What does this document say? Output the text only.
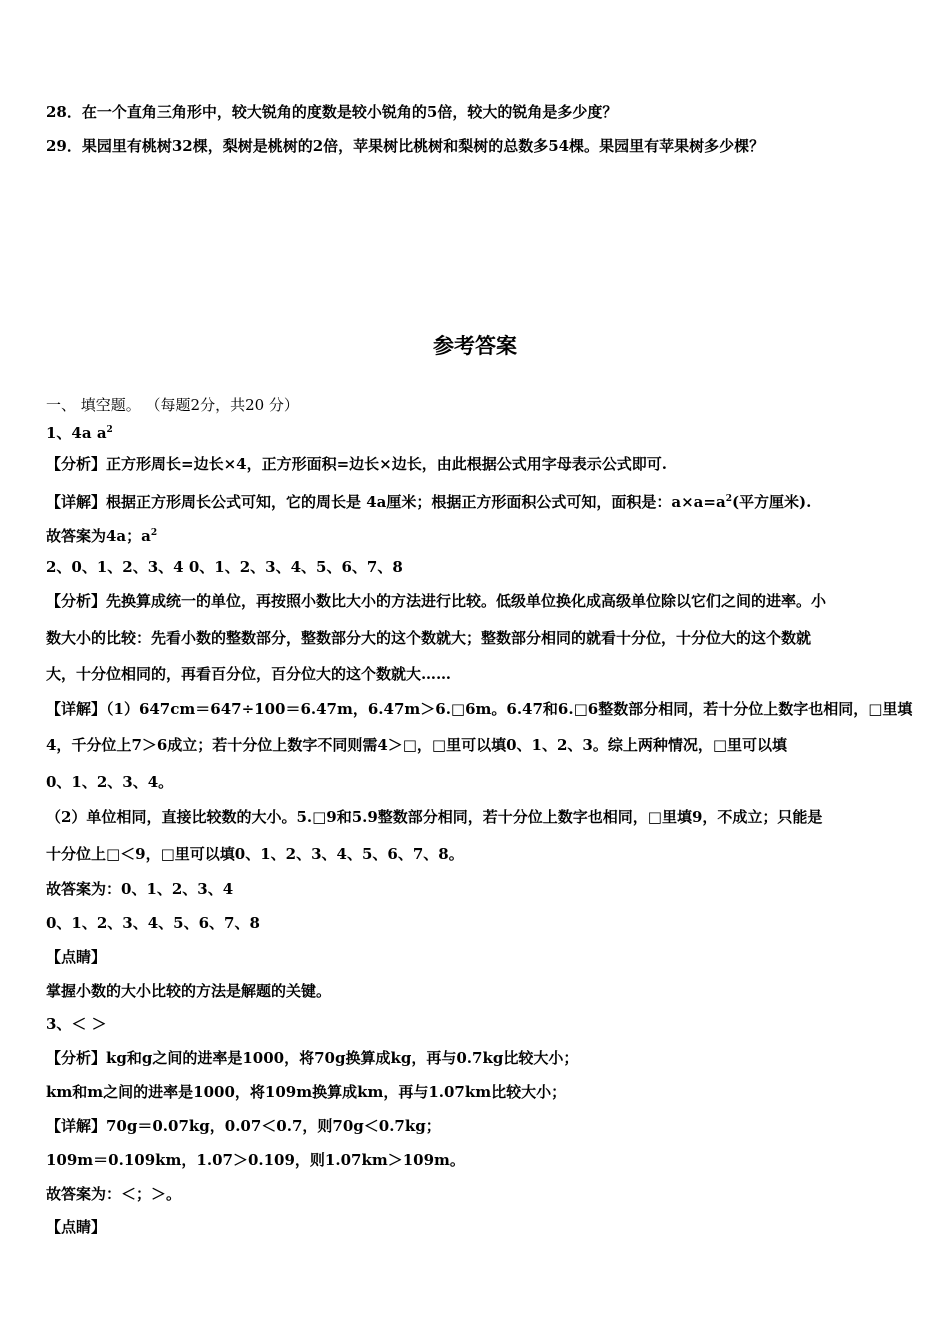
28．在一个直角三角形中，较大锐角的度数是较小锐角的5倍，较大的锐角是多少度？
29．果园里有桃树32棵，梨树是桃树的2倍，苹果树比桃树和梨树的总数多54棵。果园里有苹果树多少棵？
参考答案
一、 填空题。 （每题2分，共20 分）
1、4a $a^2$
【分析】正方形周长=边长×4，正方形面积=边长×边长，由此根据公式用字母表示公式即可.
【详解】根据正方形周长公式可知，它的周长是 4a厘米；根据正方形面积公式可知，面积是：$a\times a=a^2$(平方厘米).
故答案为4a；$a^2$
2、0、1、2、3、4 0、1、2、3、4、5、6、7、8
【分析】先换算成统一的单位，再按照小数比大小的方法进行比较。低级单位换化成高级单位除以它们之间的进率。小
数大小的比较：先看小数的整数部分，整数部分大的这个数就大；整数部分相同的就看十分位，十分位大的这个数就
大，十分位相同的，再看百分位，百分位大的这个数就大……
【详解】（1）647cm＝647÷100＝6.47m，6.47m＞6.□6m。6.47和6.□6整数部分相同，若十分位上数字也相同，□里填
4，千分位上7＞6成立；若十分位上数字不同则需4＞□，□里可以填0、1、2、3。综上两种情况，□里可以填
0、1、2、3、4。
（2）单位相同，直接比较数的大小。5.□9和5.9整数部分相同，若十分位上数字也相同，□里填9，不成立；只能是
十分位上□＜9，□里可以填0、1、2、3、4、5、6、7、8。
故答案为：0、1、2、3、4
0、1、2、3、4、5、6、7、8
【点睛】
掌握小数的大小比较的方法是解题的关键。
3、＜ ＞
【分析】kg和g之间的进率是1000，将70g换算成kg，再与0.7kg比较大小；
km和m之间的进率是1000，将109m换算成km，再与1.07km比较大小；
【详解】70g＝0.07kg，0.07＜0.7，则70g＜0.7kg；
109m＝0.109km，1.07＞0.109，则1.07km＞109m。
故答案为：＜；＞。
【点睛】
